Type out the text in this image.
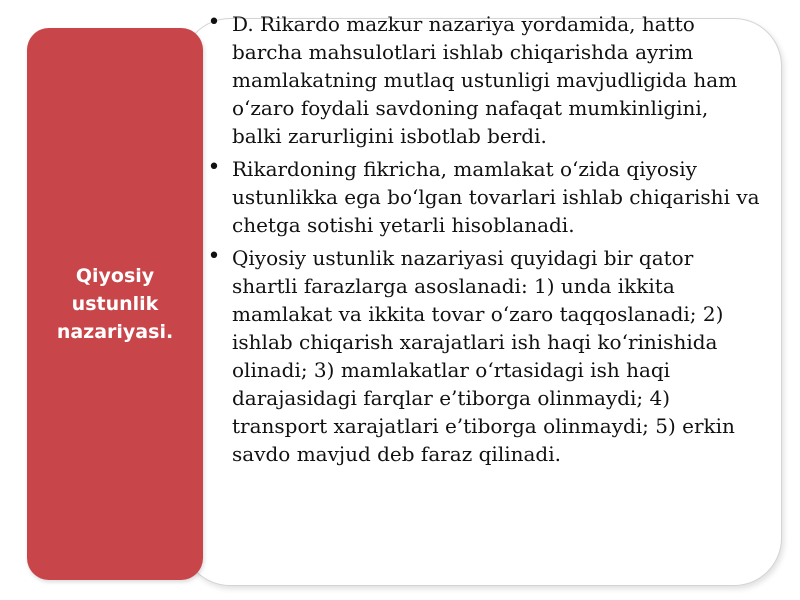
Qiyosiy ustunlik nazariyasi.
• D. Rikardo mazkur nazariya yordamida, hatto barcha mahsulotlari ishlab chiqarishda ayrim mamlakatning mutlaq ustunligi mavjudligida ham o‘zaro foydali savdoning nafaqat mumkinligini, balki zarurligini isbotlab berdi.
• Rikardoning fikricha, mamlakat o‘zida qiyosiy ustunlikka ega bo‘lgan tovarlari ishlab chiqarishi va chetga sotishi yetarli hisoblanadi.
• Qiyosiy ustunlik nazariyasi quyidagi bir qator shartli farazlarga asoslanadi: 1) unda ikkita mamlakat va ikkita tovar o‘zaro taqqoslanadi; 2) ishlab chiqarish xarajatlari ish haqi ko‘rinishida olinadi; 3) mamlakatlar o‘rtasidagi ish haqi darajasidagi farqlar e’tiborga olinmaydi; 4) transport xarajatlari e’tiborga olinmaydi; 5) erkin savdo mavjud deb faraz qilinadi.
